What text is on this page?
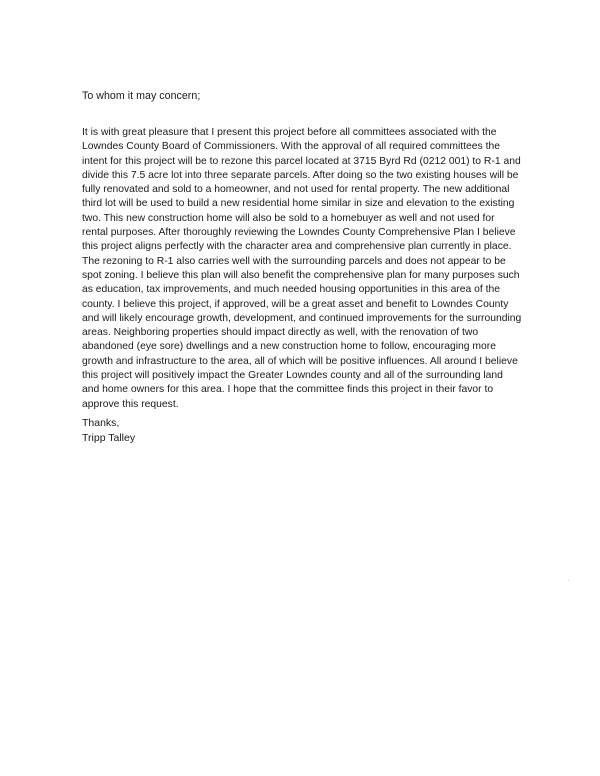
To whom it may concern;

It is with great pleasure that I present this project before all committees associated with the
Lowndes County Board of Commissioners. With the approval of all required committees the
intent for this project will be to rezone this parcel located at 3715 Byrd Rd (0212 001) to R-1 and
divide this 7.5 acre lot into three separate parcels. After doing so the two existing houses will be
fully renovated and sold to a homeowner, and not used for rental property. The new additional
third lot will be used to build a new residential home similar in size and elevation to the existing
two. This new construction home will also be sold to a homebuyer as well and not used for
rental purposes. After thoroughly reviewing the Lowndes County Comprehensive Plan I believe
this project aligns perfectly with the character area and comprehensive plan currently in place.
The rezoning to R-1 also carries well with the surrounding parcels and does not appear to be
spot zoning. I believe this plan will also benefit the comprehensive plan for many purposes such
as education, tax improvements, and much needed housing opportunities in this area of the
county. I believe this project, if approved, will be a great asset and benefit to Lowndes County
and will likely encourage growth, development, and continued improvements for the surrounding
areas. Neighboring properties should impact directly as well, with the renovation of two
abandoned (eye sore) dwellings and a new construction home to follow, encouraging more
growth and infrastructure to the area, all of which will be positive influences. All around I believe
this project will positively impact the Greater Lowndes county and all of the surrounding land
and home owners for this area. I hope that the committee finds this project in their favor to
approve this request.

Thanks,
Tripp Talley
